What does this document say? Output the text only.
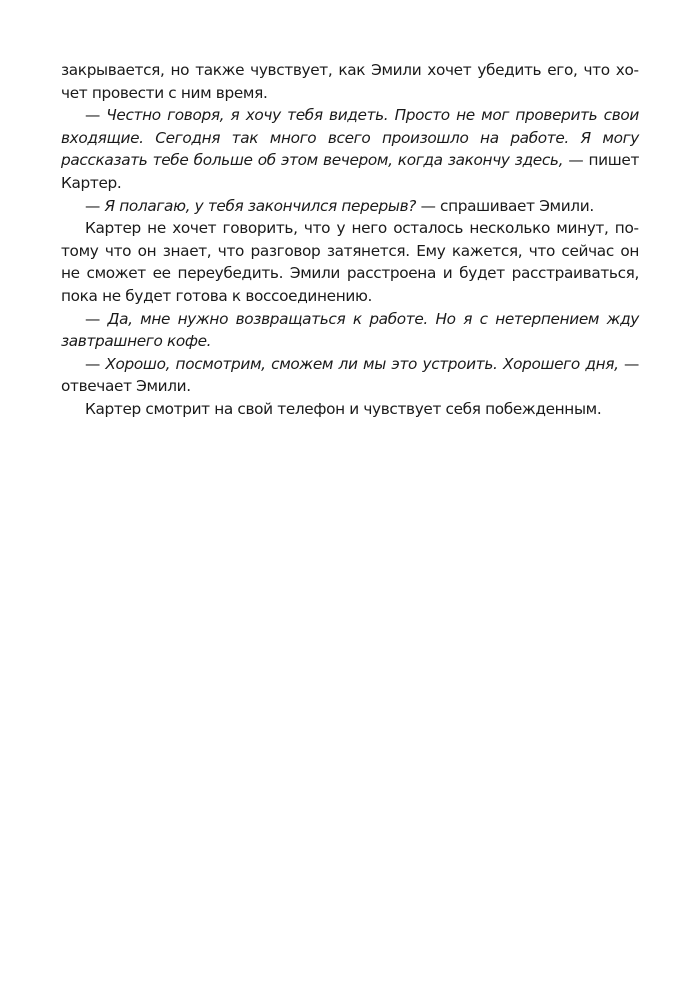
закрывается, но также чувствует, как Эмили хочет убедить его, что хочет провести с ним время.

— Честно говоря, я хочу тебя видеть. Просто не мог проверить свои входящие. Сегодня так много всего произошло на работе. Я могу рассказать тебе больше об этом вечером, когда закончу здесь, — пишет Картер.

— Я полагаю, у тебя закончился перерыв? — спрашивает Эмили.

Картер не хочет говорить, что у него осталось несколько минут, потому что он знает, что разговор затянется. Ему кажется, что сейчас он не сможет ее переубедить. Эмили расстроена и будет расстраиваться, пока не будет готова к воссоединению.

— Да, мне нужно возвращаться к работе. Но я с нетерпением жду завтрашнего кофе.

— Хорошо, посмотрим, сможем ли мы это устроить. Хорошего дня, — отвечает Эмили.

Картер смотрит на свой телефон и чувствует себя побежденным.
